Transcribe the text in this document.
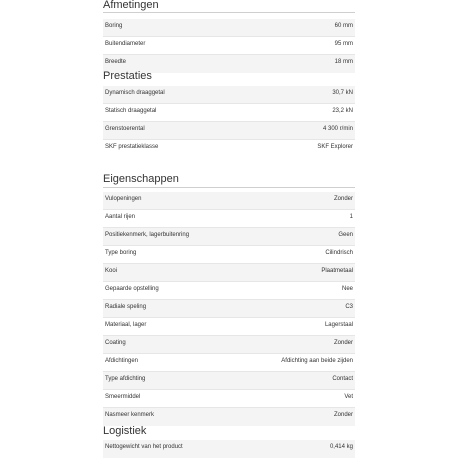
Afmetingen
Boring	60 mm
Buitendiameter	95 mm
Breedte	18 mm
Prestaties
Dynamisch draaggetal	30,7 kN
Statisch draaggetal	23,2 kN
Grenstoerental	4 300 r/min
SKF prestatieklasse	SKF Explorer
Eigenschappen
Vulopeningen	Zonder
Aantal rijen	1
Positiekenmerk, lagerbuitenring	Geen
Type boring	Cilindrisch
Kooi	Plaatmetaal
Gepaarde opstelling	Nee
Radiale speling	C3
Materiaal, lager	Lagerstaal
Coating	Zonder
Afdichtingen	Afdichting aan beide zijden
Type afdichting	Contact
Smeermiddel	Vet
Nasmeer kenmerk	Zonder
Logistiek
Nettogewicht van het product	0,414 kg
